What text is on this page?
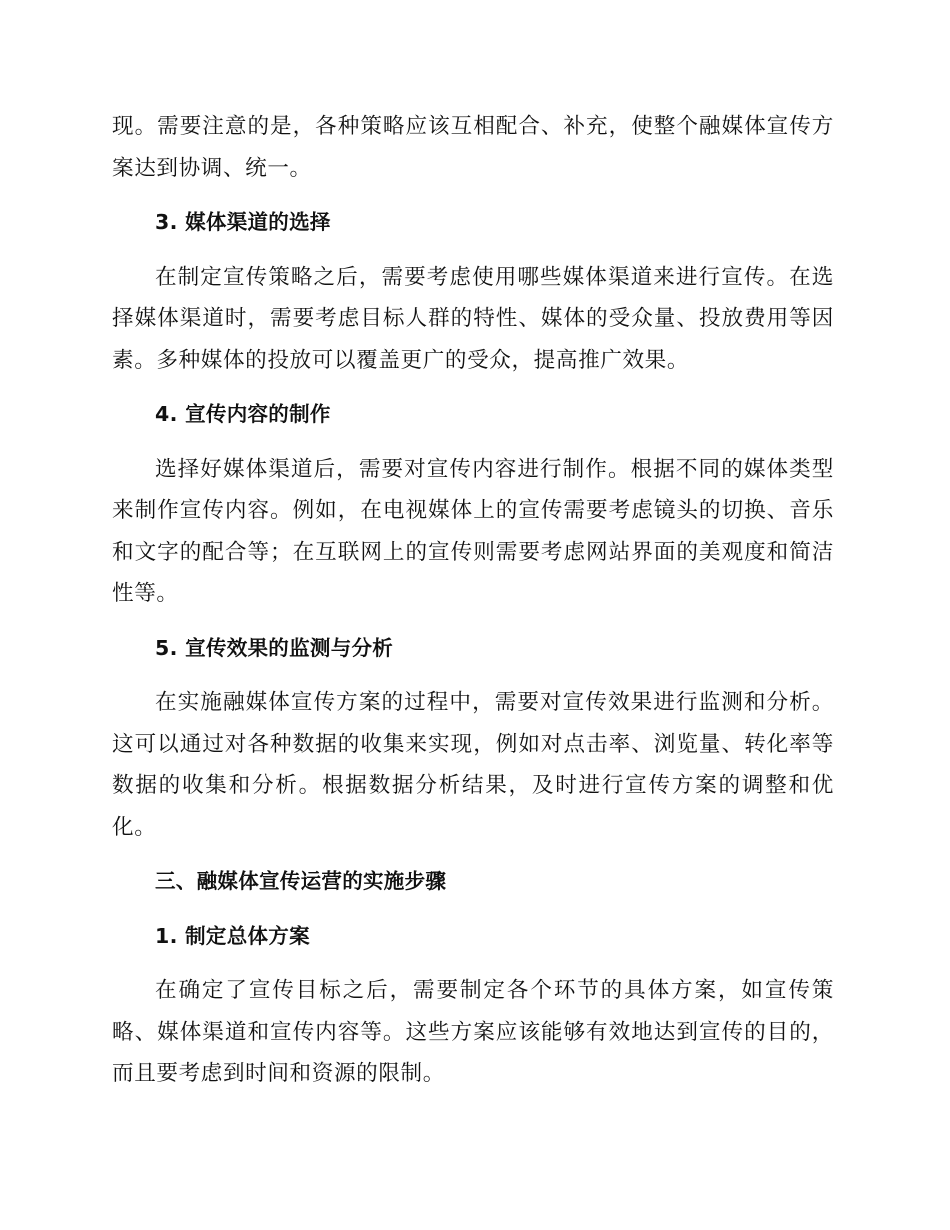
现。需要注意的是，各种策略应该互相配合、补充，使整个融媒体宣传方案达到协调、统一。

3. 媒体渠道的选择

在制定宣传策略之后，需要考虑使用哪些媒体渠道来进行宣传。在选择媒体渠道时，需要考虑目标人群的特性、媒体的受众量、投放费用等因素。多种媒体的投放可以覆盖更广的受众，提高推广效果。

4. 宣传内容的制作

选择好媒体渠道后，需要对宣传内容进行制作。根据不同的媒体类型来制作宣传内容。例如，在电视媒体上的宣传需要考虑镜头的切换、音乐和文字的配合等；在互联网上的宣传则需要考虑网站界面的美观度和简洁性等。

5. 宣传效果的监测与分析

在实施融媒体宣传方案的过程中，需要对宣传效果进行监测和分析。这可以通过对各种数据的收集来实现，例如对点击率、浏览量、转化率等数据的收集和分析。根据数据分析结果，及时进行宣传方案的调整和优化。

三、融媒体宣传运营的实施步骤
1. 制定总体方案

在确定了宣传目标之后，需要制定各个环节的具体方案，如宣传策略、媒体渠道和宣传内容等。这些方案应该能够有效地达到宣传的目的，而且要考虑到时间和资源的限制。
